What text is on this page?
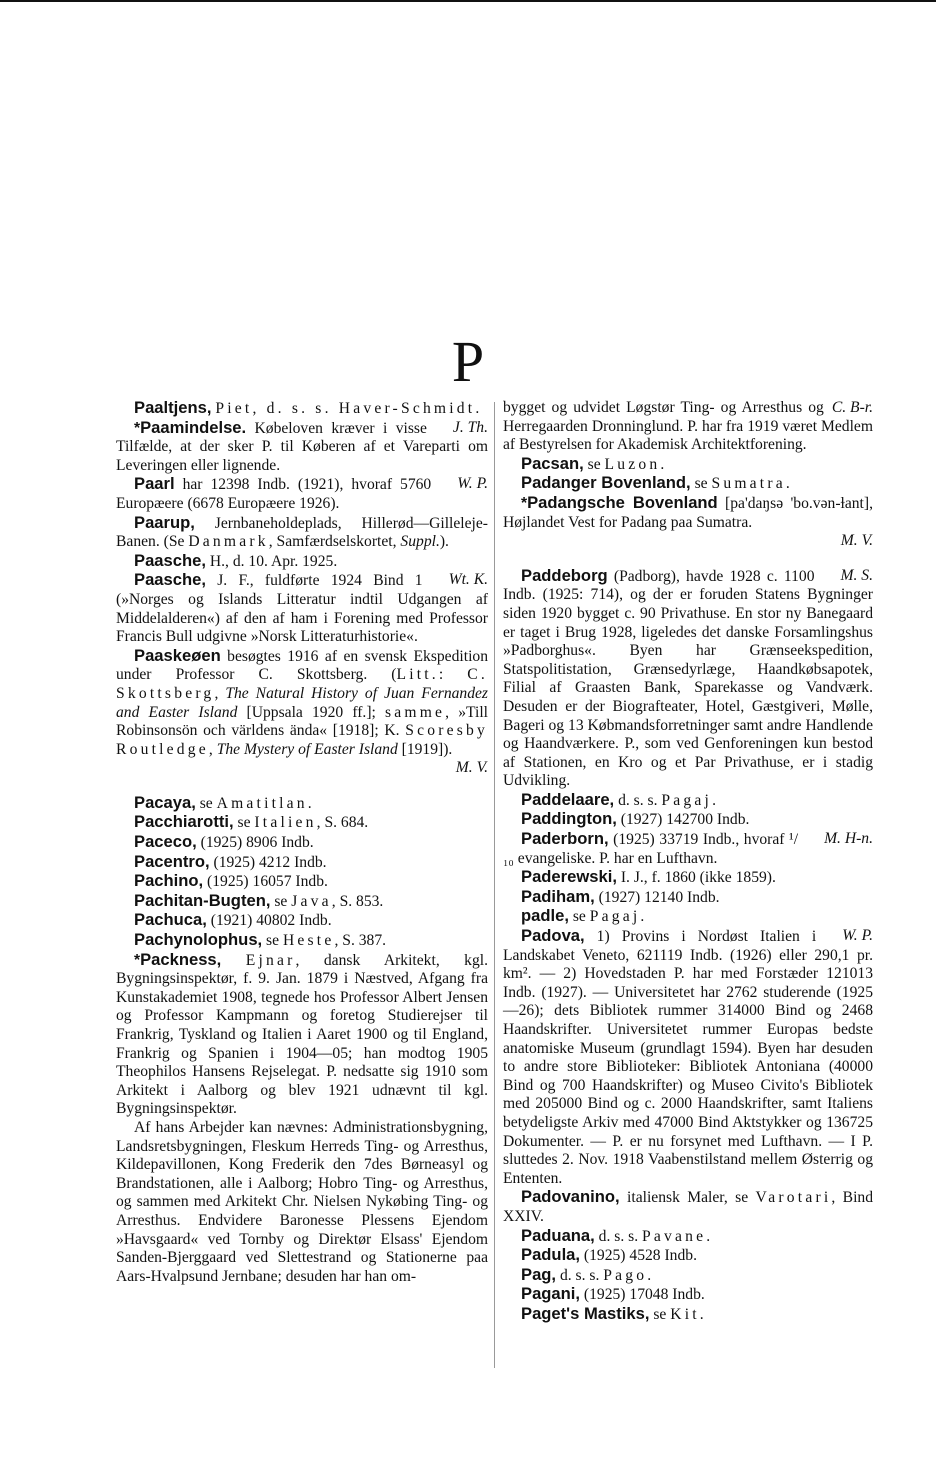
P

Paaltjens, Piet, d. s. s. Haver-Schmidt.

J. Th.
*Paamindelse. Købeloven kræver i visse Tilfælde, at der sker P. til Køberen af et Vareparti om Leveringen eller lignende.

W. P.
Paarl har 12398 Indb. (1921), hvoraf 5760 Europæere (6678 Europæere 1926).

Paarup, Jernbaneholdeplads, Hillerød—Gilleleje-Banen. (Se Danmark, Samfærdselskortet, Suppl.).

Paasche, H., d. 10. Apr. 1925.

Wt. K.
Paasche, J. F., fuldførte 1924 Bind 1 (»Norges og Islands Litteratur indtil Udgangen af Middelalderen«) af den af ham i Forening med Professor Francis Bull udgivne »Norsk Litteraturhistorie«.

Paaskeøen besøgtes 1916 af en svensk Ekspedition under Professor C. Skottsberg. (Litt.: C. Skottsberg, The Natural History of Juan Fernandez and Easter Island [Uppsala 1920 ff.]; samme, »Till Robinsonsön och världens ända« [1918]; K. Scoresby Routledge, The Mystery of Easter Island [1919]).

M. V.

Pacaya, se Amatitlan.

Pacchiarotti, se Italien, S. 684.

Paceco, (1925) 8906 Indb.

Pacentro, (1925) 4212 Indb.

Pachino, (1925) 16057 Indb.

Pachitan-Bugten, se Java, S. 853.

Pachuca, (1921) 40802 Indb.

Pachynolophus, se Heste, S. 387.

*Packness, Ejnar, dansk Arkitekt, kgl. Bygningsinspektør, f. 9. Jan. 1879 i Næstved, Afgang fra Kunstakademiet 1908, tegnede hos Professor Albert Jensen og Professor Kampmann og foretog Studierejser til Frankrig, Tyskland og Italien i Aaret 1900 og til England, Frankrig og Spanien i 1904—05; han modtog 1905 Theophilos Hansens Rejselegat. P. nedsatte sig 1910 som Arkitekt i Aalborg og blev 1921 udnævnt til kgl. Bygningsinspektør.

Af hans Arbejder kan nævnes: Administrationsbygning, Landsretsbygningen, Fleskum Herreds Ting- og Arresthus, Kildepavillonen, Kong Frederik den 7des Børneasyl og Brandstationen, alle i Aalborg; Hobro Ting- og Arresthus, og sammen med Arkitekt Chr. Nielsen Nykøbing Ting- og Arresthus. Endvidere Baronesse Plessens Ejendom »Havsgaard« ved Tornby og Direktør Elsass' Ejendom Sanden-Bjerggaard ved Slettestrand og Stationerne paa Aars-Hvalpsund Jernbane; desuden har han om-

C. B-r.
bygget og udvidet Løgstør Ting- og Arresthus og Herregaarden Dronninglund. P. har fra 1919 været Medlem af Bestyrelsen for Akademisk Architektforening.

Pacsan, se Luzon.

Padanger Bovenland, se Sumatra.

*Padangsche Bovenland [pa'daŋsə 'bo.vən-ɫant], Højlandet Vest for Padang paa Sumatra.

M. V.

M. S.
Paddeborg (Padborg), havde 1928 c. 1100 Indb. (1925: 714), og der er foruden Statens Bygninger siden 1920 bygget c. 90 Privathuse. En stor ny Banegaard er taget i Brug 1928, ligeledes det danske Forsamlingshus »Padborghus«. Byen har Grænseekspedition, Statspolitistation, Grænsedyrlæge, Haandkøbsapotek, Filial af Graasten Bank, Sparekasse og Vandværk. Desuden er der Biografteater, Hotel, Gæstgiveri, Mølle, Bageri og 13 Købmandsforretninger samt andre Handlende og Haandværkere. P., som ved Genforeningen kun bestod af Stationen, en Kro og et Par Privathuse, er i stadig Udvikling.

Paddelaare, d. s. s. Pagaj.

Paddington, (1927) 142700 Indb.

M. H-n.
Paderborn, (1925) 33719 Indb., hvoraf ¹/₁₀ evangeliske. P. har en Lufthavn.

Paderewski, I. J., f. 1860 (ikke 1859).

Padiham, (1927) 12140 Indb.

padle, se Pagaj.

W. P.
Padova, 1) Provins i Nordøst Italien i Landskabet Veneto, 621119 Indb. (1926) eller 290,1 pr. km². — 2) Hovedstaden P. har med Forstæder 121013 Indb. (1927). — Universitetet har 2762 studerende (1925—26); dets Bibliotek rummer 314000 Bind og 2468 Haandskrifter. Universitetet rummer Europas bedste anatomiske Museum (grundlagt 1594). Byen har desuden to andre store Biblioteker: Bibliotek Antoniana (40000 Bind og 700 Haandskrifter) og Museo Civito's Bibliotek med 205000 Bind og c. 2000 Haandskrifter, samt Italiens betydeligste Arkiv med 47000 Bind Aktstykker og 136725 Dokumenter. — P. er nu forsynet med Lufthavn. — I P. sluttedes 2. Nov. 1918 Vaabenstilstand mellem Østerrig og Ententen.

Padovanino, italiensk Maler, se Varotari, Bind XXIV.

Paduana, d. s. s. Pavane.

Padula, (1925) 4528 Indb.

Pag, d. s. s. Pago.

Pagani, (1925) 17048 Indb.

Paget's Mastiks, se Kit.
